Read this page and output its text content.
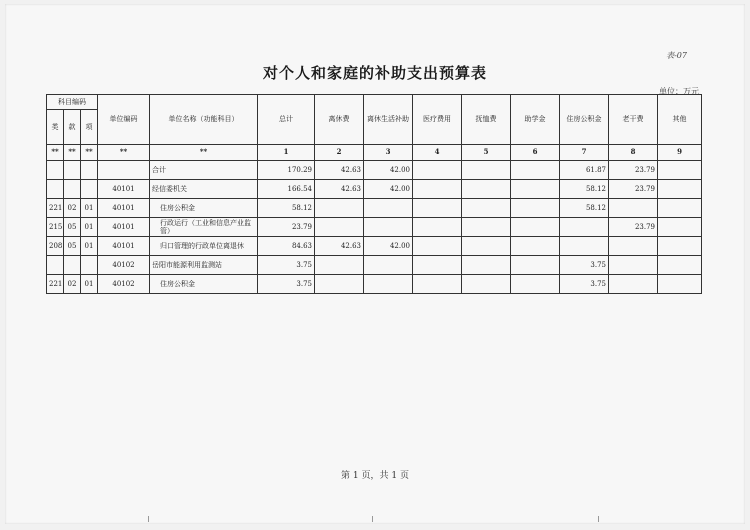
表-07
对个人和家庭的补助支出预算表
单位：万元
科目编码			单位编码	单位名称（功能科目）	总计	离休费	离休生活补助	医疗费用	抚恤费	助学金	住房公积金	老干费	其他
类	款	项											
**	**	**	**	**	1	2	3	4	5	6	7	8	9
				合计	170.29	42.63	42.00				61.87	23.79	
			40101	经信委机关	166.54	42.63	42.00				58.12	23.79	
221	02	01	40101	住房公积金	58.12						58.12		
215	05	01	40101	行政运行（工业和信息产业监管）	23.79							23.79	
208	05	01	40101	归口管理的行政单位离退休	84.63	42.63	42.00						
			40102	岳阳市能源利用监测站	3.75						3.75		
221	02	01	40102	住房公积金	3.75						3.75		
第 1 页，共 1 页
